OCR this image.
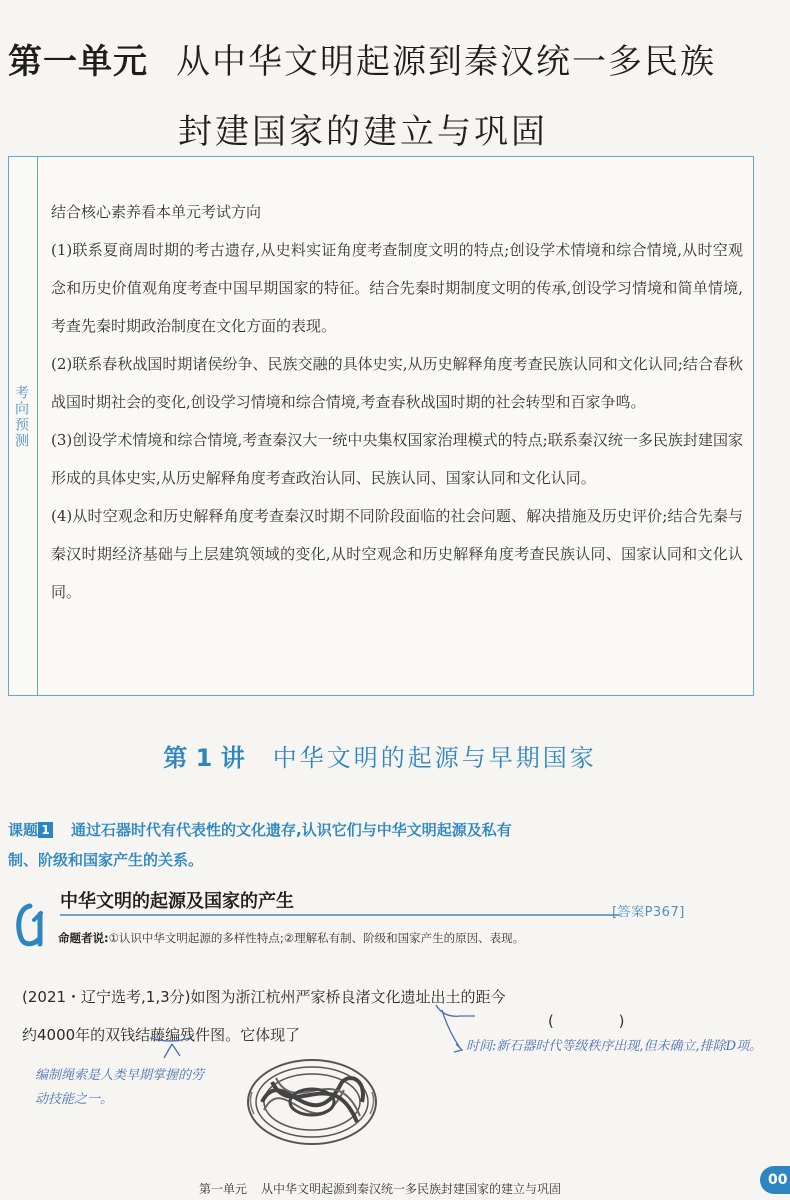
第一单元 从中华文明起源到秦汉统一多民族
封建国家的建立与巩固
考向预测

结合核心素养看本单元考试方向

(1)联系夏商周时期的考古遗存,从史料实证角度考查制度文明的特点;创设学术情境和综合情境,从时空观念和历史价值观角度考查中国早期国家的特征。结合先秦时期制度文明的传承,创设学习情境和简单情境,考查先秦时期政治制度在文化方面的表现。

(2)联系春秋战国时期诸侯纷争、民族交融的具体史实,从历史解释角度考查民族认同和文化认同;结合春秋战国时期社会的变化,创设学习情境和综合情境,考查春秋战国时期的社会转型和百家争鸣。

(3)创设学术情境和综合情境,考查秦汉大一统中央集权国家治理模式的特点;联系秦汉统一多民族封建国家形成的具体史实,从历史解释角度考查政治认同、民族认同、国家认同和文化认同。

(4)从时空观念和历史解释角度考查秦汉时期不同阶段面临的社会问题、解决措施及历史评价;结合先秦与秦汉时期经济基础与上层建筑领域的变化,从时空观念和历史解释角度考查民族认同、国家认同和文化认同。

第 1 讲 中华文明的起源与早期国家
课题 1 通过石器时代有代表性的文化遗存,认识它们与中华文明起源及私有
制、阶级和国家产生的关系。
中华文明的起源及国家的产生
[答案P367]
命题者说:①认识中华文明起源的多样性特点;②理解私有制、阶级和国家产生的原因、表现。
(2021・辽宁选考,1,3分)如图为浙江杭州严家桥良渚文化遗址出土的距今
约4000年的双钱结藤编残件图。它体现了
( )
编制绳索是人类早期掌握的劳动技能之一。
时间:新石器时代等级秩序出现,但未确立,排除D项。
第一单元 从中华文明起源到秦汉统一多民族封建国家的建立与巩固
00
